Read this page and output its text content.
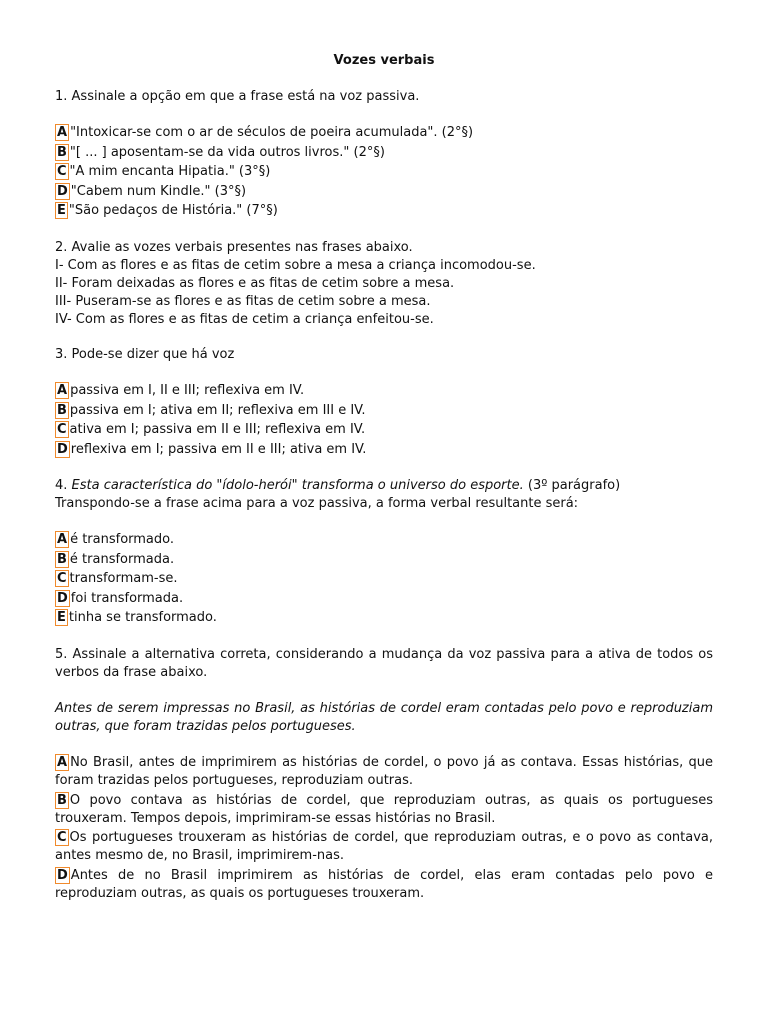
Vozes verbais
1. Assinale a opção em que a frase está na voz passiva.
A "Intoxicar-se com o ar de séculos de poeira acumulada". (2°§)
B "[ ... ] aposentam-se da vida outros livros." (2°§)
C "A mim encanta Hipatia." (3°§)
D "Cabem num Kindle." (3°§)
E "São pedaços de História." (7°§)
2. Avalie as vozes verbais presentes nas frases abaixo.
I- Com as flores e as fitas de cetim sobre a mesa a criança incomodou-se.
II- Foram deixadas as flores e as fitas de cetim sobre a mesa.
III- Puseram-se as flores e as fitas de cetim sobre a mesa.
IV- Com as flores e as fitas de cetim a criança enfeitou-se.
3. Pode-se dizer que há voz
A passiva em I, II e III; reflexiva em IV.
B passiva em I; ativa em II; reflexiva em III e IV.
C ativa em I; passiva em II e III; reflexiva em IV.
D reflexiva em I; passiva em II e III; ativa em IV.
4. Esta característica do "ídolo-herói" transforma o universo do esporte. (3º parágrafo)
Transpondo-se a frase acima para a voz passiva, a forma verbal resultante será:
A é transformado.
B é transformada.
C transformam-se.
D foi transformada.
E tinha se transformado.
5. Assinale a alternativa correta, considerando a mudança da voz passiva para a ativa de todos os verbos da frase abaixo.
Antes de serem impressas no Brasil, as histórias de cordel eram contadas pelo povo e reproduziam outras, que foram trazidas pelos portugueses.
A No Brasil, antes de imprimirem as histórias de cordel, o povo já as contava. Essas histórias, que foram trazidas pelos portugueses, reproduziam outras.
B O povo contava as histórias de cordel, que reproduziam outras, as quais os portugueses trouxeram. Tempos depois, imprimiram-se essas histórias no Brasil.
C Os portugueses trouxeram as histórias de cordel, que reproduziam outras, e o povo as contava, antes mesmo de, no Brasil, imprimirem-nas.
D Antes de no Brasil imprimirem as histórias de cordel, elas eram contadas pelo povo e reproduziam outras, as quais os portugueses trouxeram.
